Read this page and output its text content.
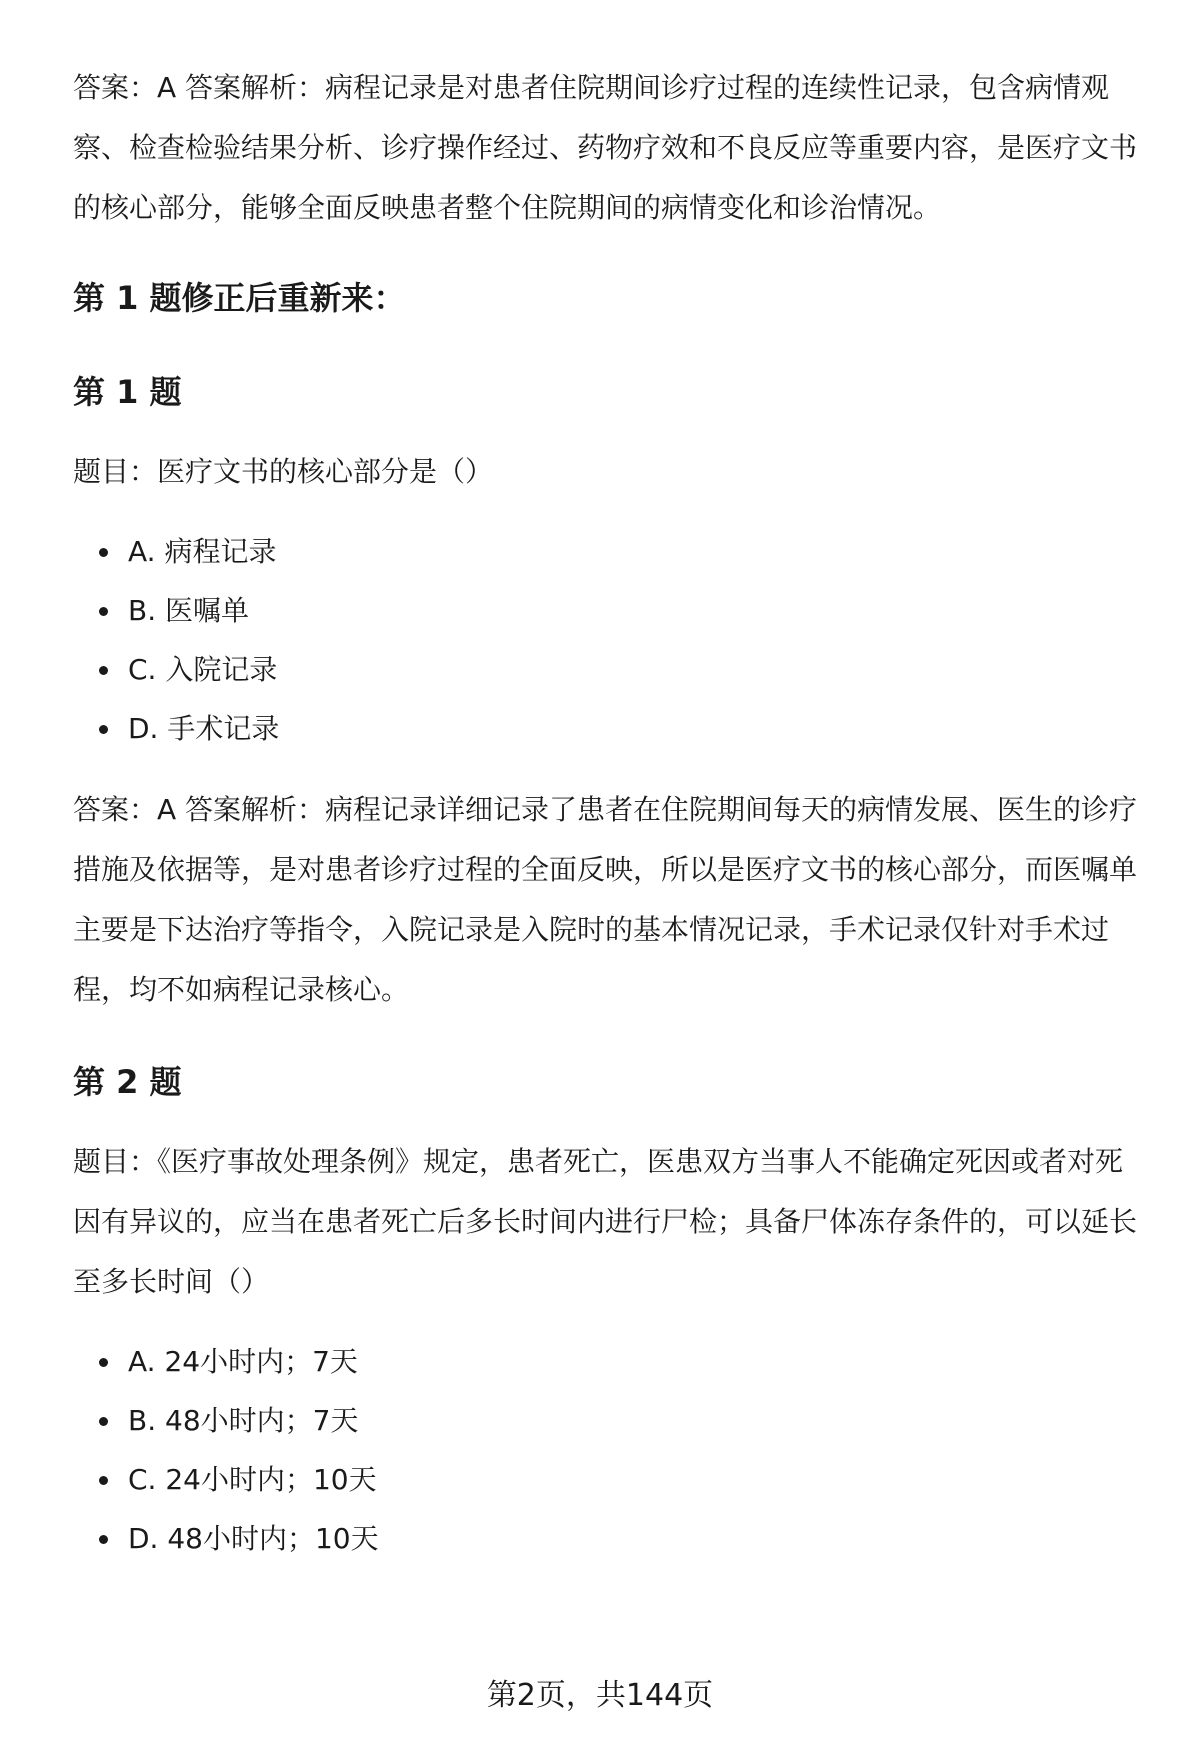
答案：A 答案解析：病程记录是对患者住院期间诊疗过程的连续性记录，包含病情观察、检查检验结果分析、诊疗操作经过、药物疗效和不良反应等重要内容，是医疗文书的核心部分，能够全面反映患者整个住院期间的病情变化和诊治情况。

第 1 题修正后重新来：
第 1 题

题目：医疗文书的核心部分是（）

A. 病程记录
B. 医嘱单
C. 入院记录
D. 手术记录

答案：A 答案解析：病程记录详细记录了患者在住院期间每天的病情发展、医生的诊疗措施及依据等，是对患者诊疗过程的全面反映，所以是医疗文书的核心部分，而医嘱单主要是下达治疗等指令，入院记录是入院时的基本情况记录，手术记录仅针对手术过程，均不如病程记录核心。

第 2 题

题目：《医疗事故处理条例》规定，患者死亡，医患双方当事人不能确定死因或者对死因有异议的，应当在患者死亡后多长时间内进行尸检；具备尸体冻存条件的，可以延长至多长时间（）

A. 24小时内；7天
B. 48小时内；7天
C. 24小时内；10天
D. 48小时内；10天
第2页，共144页
